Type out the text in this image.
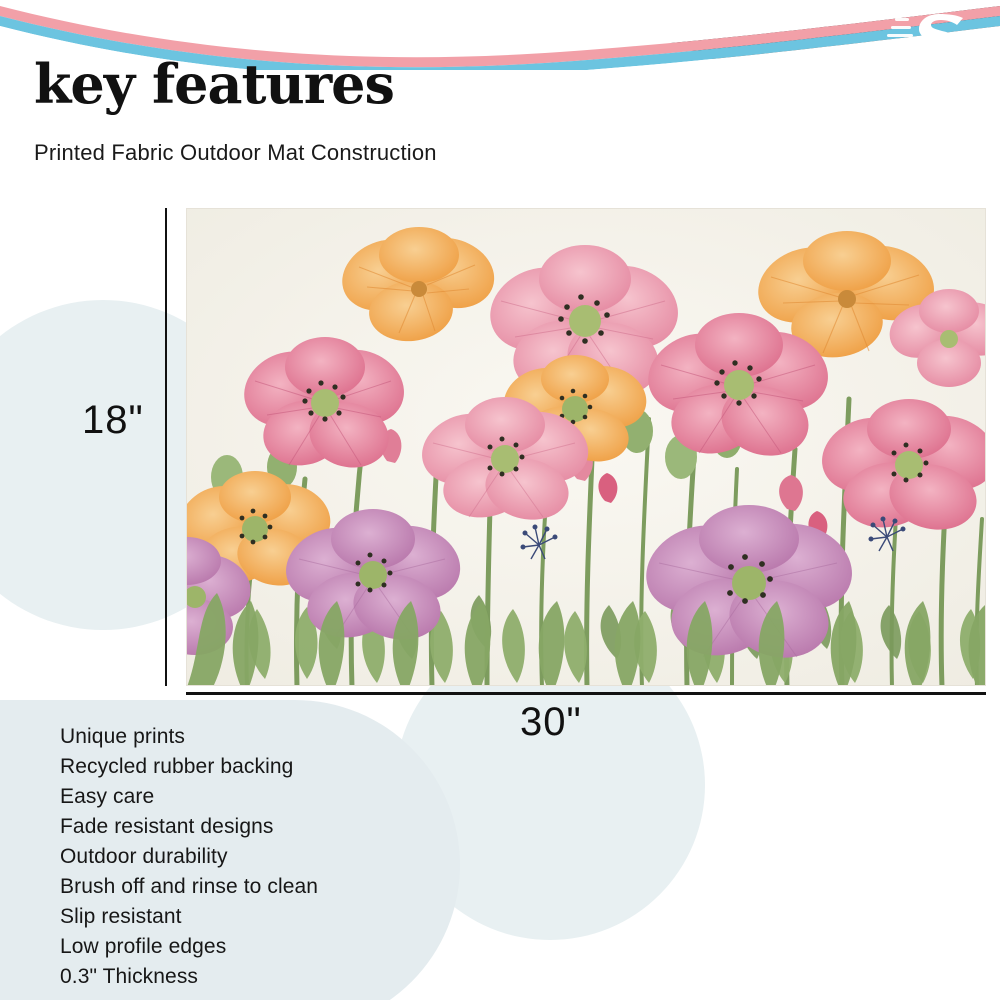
key features
Printed Fabric Outdoor Mat Construction
18"
30"
Unique prints
Recycled rubber backing
Easy care
Fade resistant designs
Outdoor durability
Brush off and rinse to clean
Slip resistant
Low profile edges
0.3" Thickness
